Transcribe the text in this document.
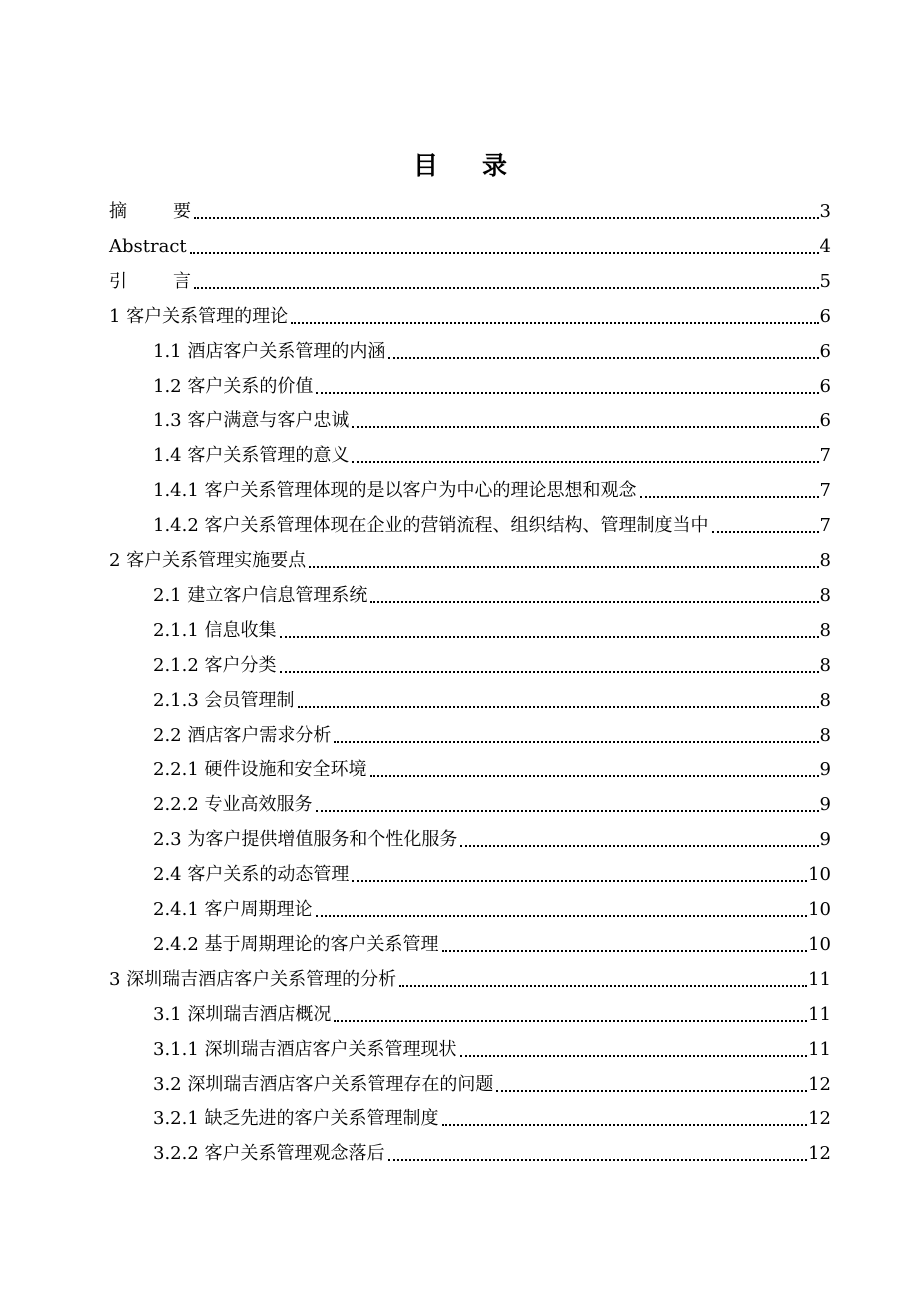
目 录
摘	要	3
Abstract	4
引	言	5
1 客户关系管理的理论	6
1.1 酒店客户关系管理的内涵	6
1.2 客户关系的价值	6
1.3 客户满意与客户忠诚	6
1.4 客户关系管理的意义	7
1.4.1 客户关系管理体现的是以客户为中心的理论思想和观念	7
1.4.2 客户关系管理体现在企业的营销流程、组织结构、管理制度当中	7
2 客户关系管理实施要点	8
2.1 建立客户信息管理系统	8
2.1.1 信息收集	8
2.1.2 客户分类	8
2.1.3 会员管理制	8
2.2 酒店客户需求分析	8
2.2.1 硬件设施和安全环境	9
2.2.2 专业高效服务	9
2.3 为客户提供增值服务和个性化服务	9
2.4 客户关系的动态管理	10
2.4.1 客户周期理论	10
2.4.2 基于周期理论的客户关系管理	10
3 深圳瑞吉酒店客户关系管理的分析	11
3.1 深圳瑞吉酒店概况	11
3.1.1 深圳瑞吉酒店客户关系管理现状	11
3.2 深圳瑞吉酒店客户关系管理存在的问题	12
3.2.1 缺乏先进的客户关系管理制度	12
3.2.2 客户关系管理观念落后	12
